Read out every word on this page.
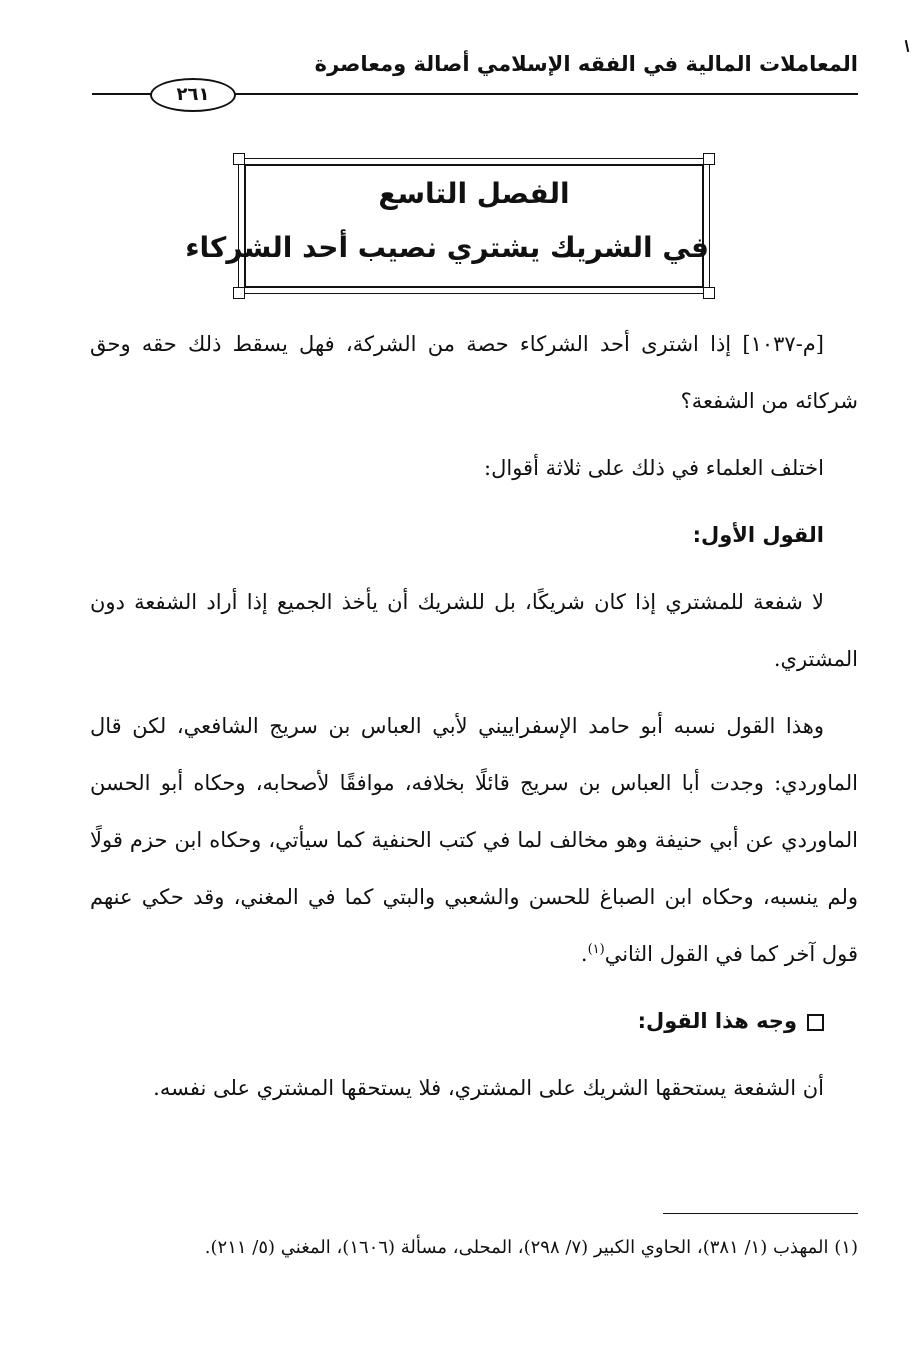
المعاملات المالية في الفقه الإسلامي أصالة ومعاصرة
٢٦١
الفصل التاسع
في الشريك يشتري نصيب أحد الشركاء

[م-١٠٣٧] إذا اشترى أحد الشركاء حصة من الشركة، فهل يسقط ذلك حقه وحق شركائه من الشفعة؟

اختلف العلماء في ذلك على ثلاثة أقوال:

القول الأول:

لا شفعة للمشتري إذا كان شريكًا، بل للشريك أن يأخذ الجميع إذا أراد الشفعة دون المشتري.

وهذا القول نسبه أبو حامد الإسفراييني لأبي العباس بن سريج الشافعي، لكن قال الماوردي: وجدت أبا العباس بن سريج قائلًا بخلافه، موافقًا لأصحابه، وحكاه أبو الحسن الماوردي عن أبي حنيفة وهو مخالف لما في كتب الحنفية كما سيأتي، وحكاه ابن حزم قولًا ولم ينسبه، وحكاه ابن الصباغ للحسن والشعبي والبتي كما في المغني، وقد حكي عنهم قول آخر كما في القول الثاني$^{(١)}$.

وجه هذا القول:

أن الشفعة يستحقها الشريك على المشتري، فلا يستحقها المشتري على نفسه.

(١) المهذب (١/ ٣٨١)، الحاوي الكبير (٧/ ٢٩٨)، المحلى، مسألة (١٦٠٦)، المغني (٥/ ٢١١).
